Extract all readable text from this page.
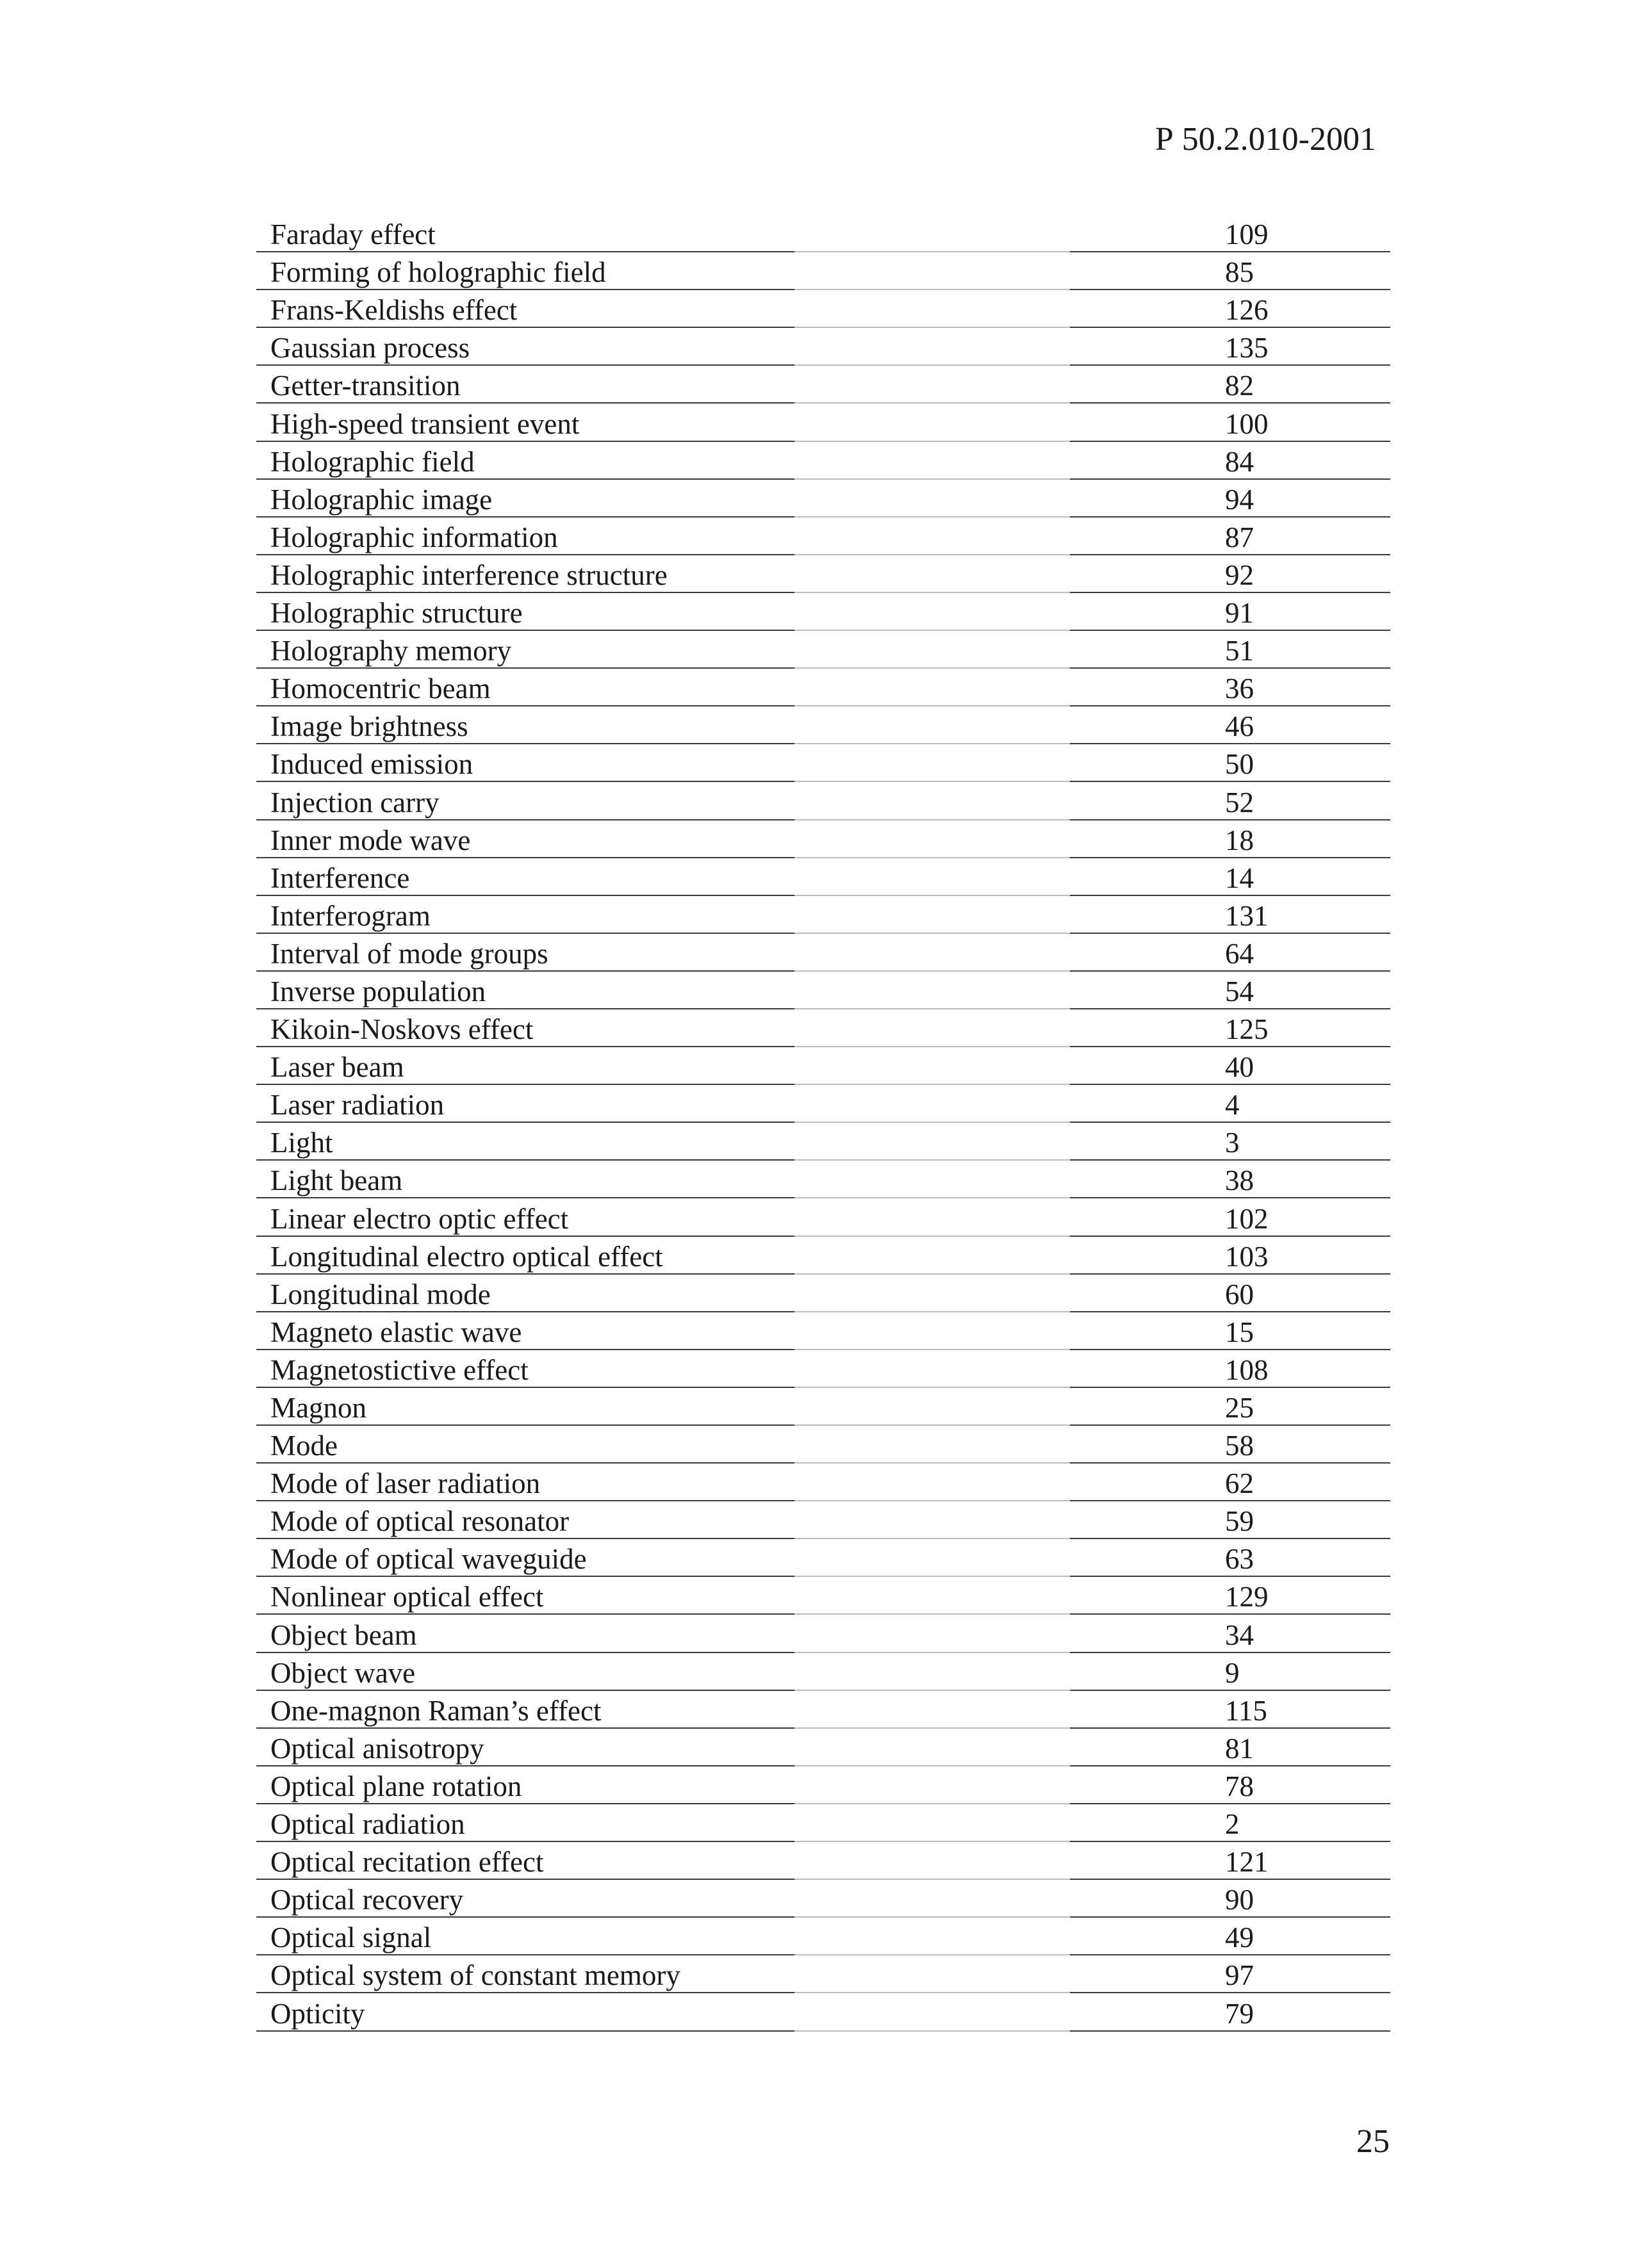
Р 50.2.010-2001
Faraday effect	109
Forming of holographic field	85
Frans-Keldishs effect	126
Gaussian process	135
Getter-transition	82
High-speed transient event	100
Holographic field	84
Holographic image	94
Holographic information	87
Holographic interference structure	92
Holographic structure	91
Holography memory	51
Homocentric beam	36
Image brightness	46
Induced emission	50
Injection carry	52
Inner mode wave	18
Interference	14
Interferogram	131
Interval of mode groups	64
Inverse population	54
Kikoin-Noskovs effect	125
Laser beam	40
Laser radiation	4
Light	3
Light beam	38
Linear electro optic effect	102
Longitudinal electro optical effect	103
Longitudinal mode	60
Magneto elastic wave	15
Magnetostictive effect	108
Magnon	25
Mode	58
Mode of laser radiation	62
Mode of optical resonator	59
Mode of optical waveguide	63
Nonlinear optical effect	129
Object beam	34
Object wave	9
One-magnon Raman’s effect	115
Optical anisotropy	81
Optical plane rotation	78
Optical radiation	2
Optical recitation effect	121
Optical recovery	90
Optical signal	49
Optical system of constant memory	97
Opticity	79
25
